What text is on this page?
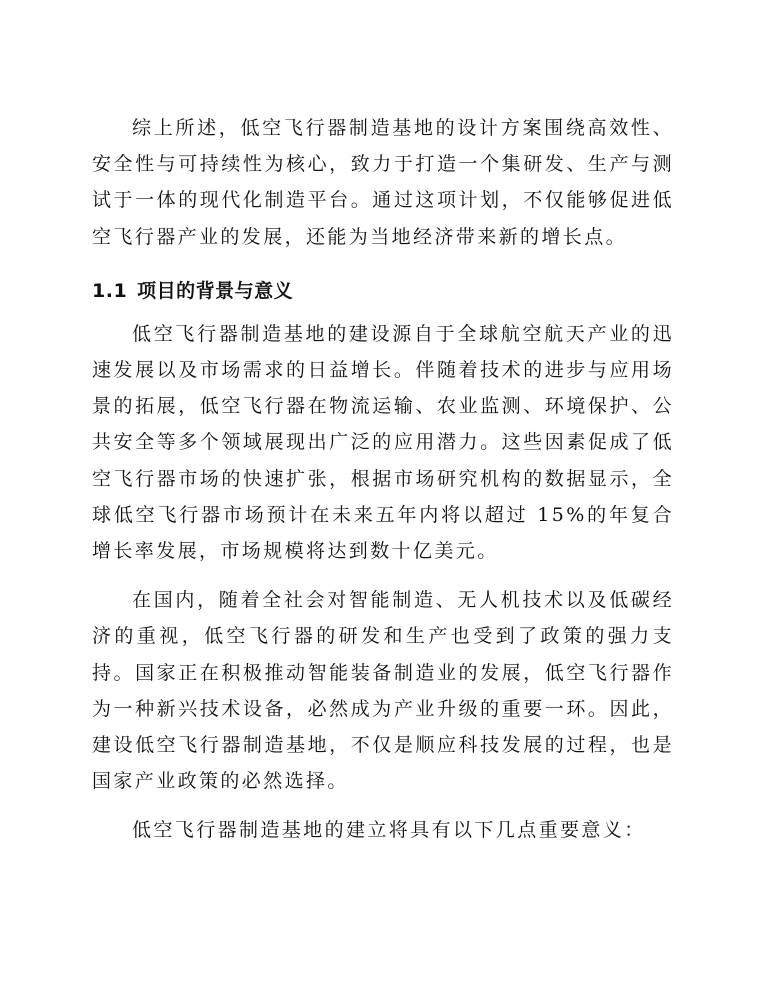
综上所述，低空飞行器制造基地的设计方案围绕高效性、安全性与可持续性为核心，致力于打造一个集研发、生产与测试于一体的现代化制造平台。通过这项计划，不仅能够促进低空飞行器产业的发展，还能为当地经济带来新的增长点。

1.1 项目的背景与意义

低空飞行器制造基地的建设源自于全球航空航天产业的迅速发展以及市场需求的日益增长。伴随着技术的进步与应用场景的拓展，低空飞行器在物流运输、农业监测、环境保护、公共安全等多个领域展现出广泛的应用潜力。这些因素促成了低空飞行器市场的快速扩张，根据市场研究机构的数据显示，全球低空飞行器市场预计在未来五年内将以超过 15%的年复合增长率发展，市场规模将达到数十亿美元。

在国内，随着全社会对智能制造、无人机技术以及低碳经济的重视，低空飞行器的研发和生产也受到了政策的强力支持。国家正在积极推动智能装备制造业的发展，低空飞行器作为一种新兴技术设备，必然成为产业升级的重要一环。因此，建设低空飞行器制造基地，不仅是顺应科技发展的过程，也是国家产业政策的必然选择。

低空飞行器制造基地的建立将具有以下几点重要意义：
